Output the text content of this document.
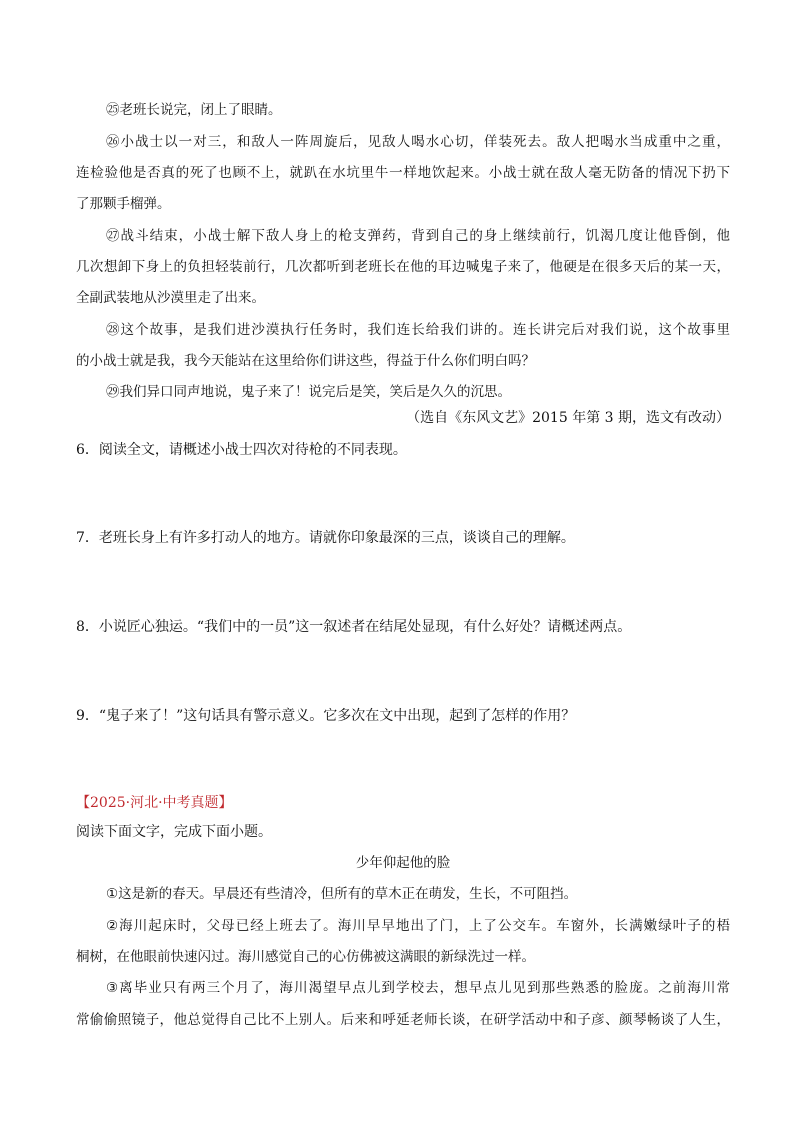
㉕老班长说完，闭上了眼睛。
㉖小战士以一对三，和敌人一阵周旋后，见敌人喝水心切，佯装死去。敌人把喝水当成重中之重，
连检验他是否真的死了也顾不上，就趴在水坑里牛一样地饮起来。小战士就在敌人毫无防备的情况下扔下
了那颗手榴弹。
㉗战斗结束，小战士解下敌人身上的枪支弹药，背到自己的身上继续前行，饥渴几度让他昏倒，他
几次想卸下身上的负担轻装前行，几次都听到老班长在他的耳边喊鬼子来了，他硬是在很多天后的某一天，
全副武装地从沙漠里走了出来。
㉘这个故事，是我们进沙漠执行任务时，我们连长给我们讲的。连长讲完后对我们说，这个故事里
的小战士就是我，我今天能站在这里给你们讲这些，得益于什么你们明白吗？
㉙我们异口同声地说，鬼子来了！说完后是笑，笑后是久久的沉思。
（选自《东风文艺》2015 年第 3 期，选文有改动）
6．阅读全文，请概述小战士四次对待枪的不同表现。
7．老班长身上有许多打动人的地方。请就你印象最深的三点，谈谈自己的理解。
8．小说匠心独运。“我们中的一员”这一叙述者在结尾处显现，有什么好处？请概述两点。
9．“鬼子来了！”这句话具有警示意义。它多次在文中出现，起到了怎样的作用？
【2025·河北·中考真题】
阅读下面文字，完成下面小题。
少年仰起他的脸
①这是新的春天。早晨还有些清冷，但所有的草木正在萌发，生长，不可阻挡。
②海川起床时，父母已经上班去了。海川早早地出了门，上了公交车。车窗外，长满嫩绿叶子的梧
桐树，在他眼前快速闪过。海川感觉自己的心仿佛被这满眼的新绿洗过一样。
③离毕业只有两三个月了，海川渴望早点儿到学校去，想早点儿见到那些熟悉的脸庞。之前海川常
常偷偷照镜子，他总觉得自己比不上别人。后来和呼延老师长谈，在研学活动中和子彦、颜琴畅谈了人生，
